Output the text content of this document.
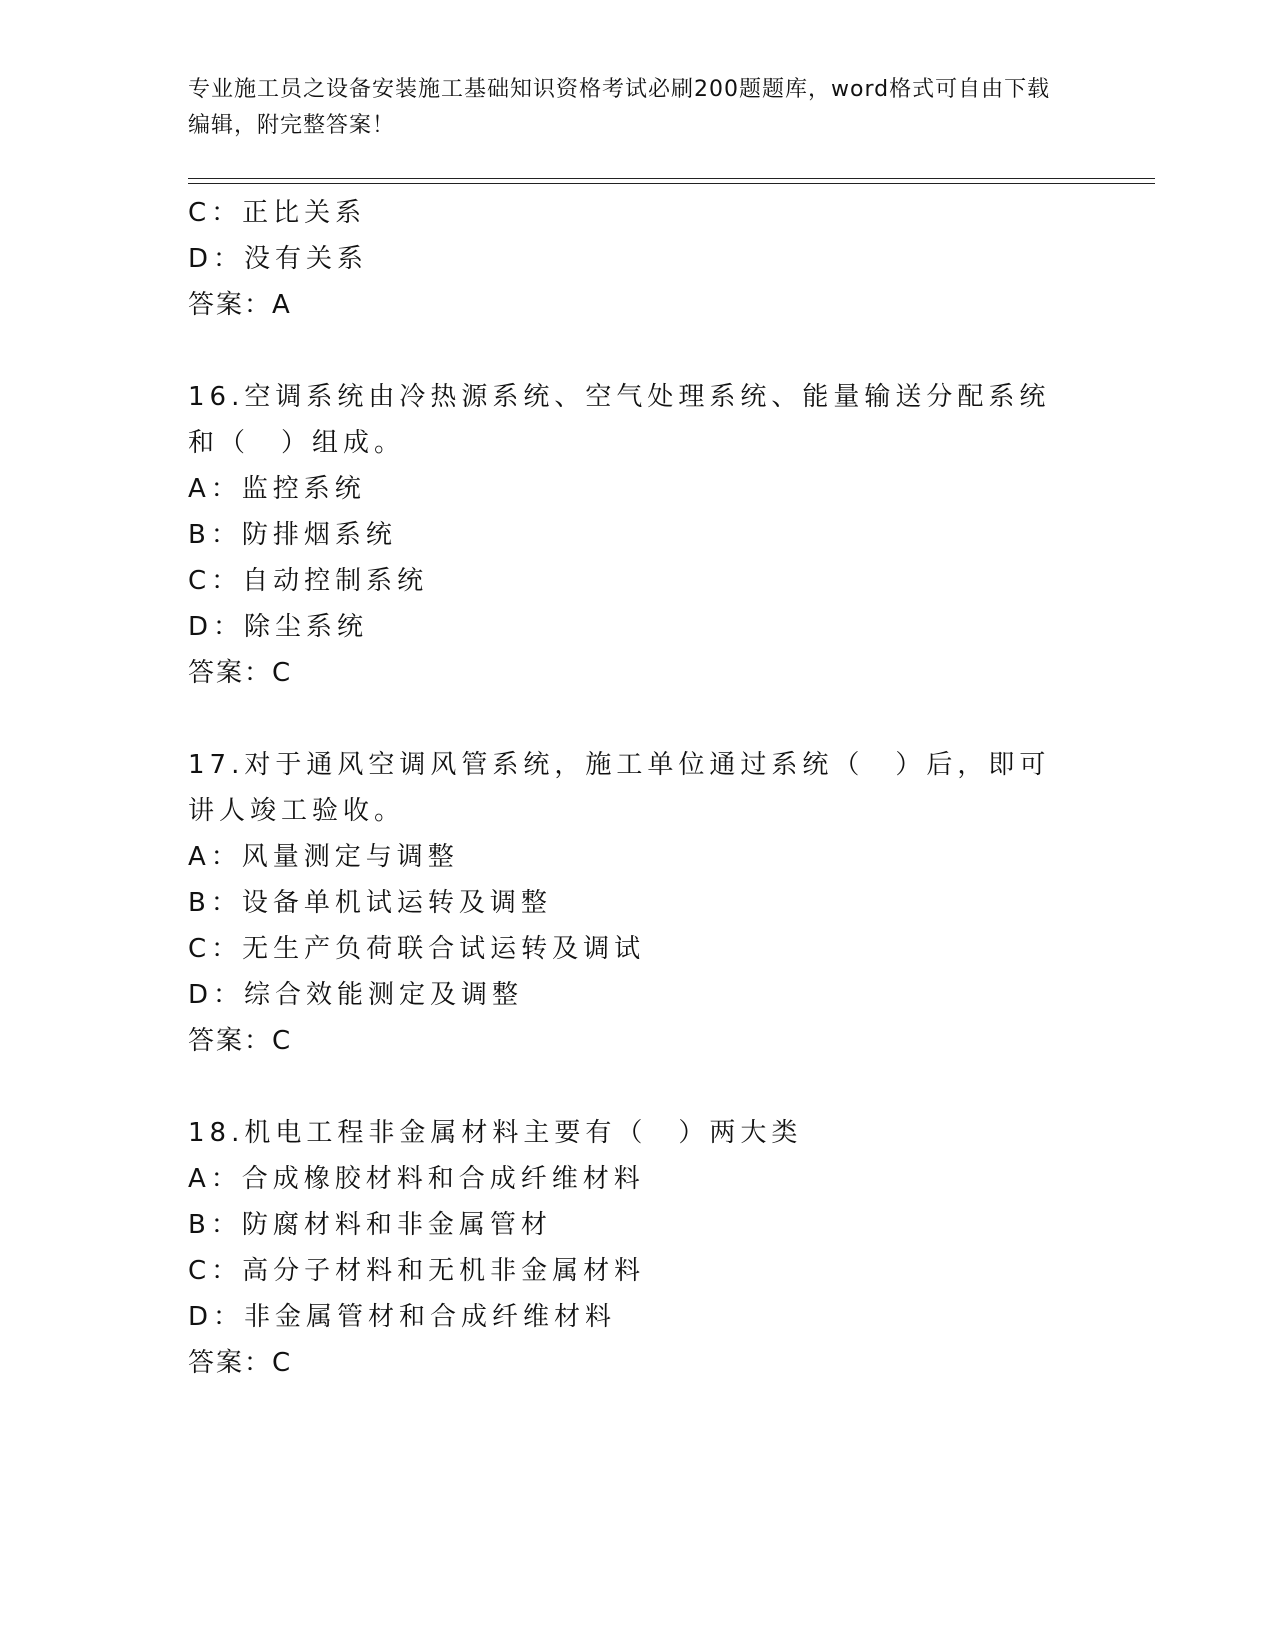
专业施工员之设备安装施工基础知识资格考试必刷200题题库，word格式可自由下载编辑，附完整答案！
C：正比关系
D：没有关系
答案：A
16.空调系统由冷热源系统、空气处理系统、能量输送分配系统和（　）组成。
A：监控系统
B：防排烟系统
C：自动控制系统
D：除尘系统
答案：C
17.对于通风空调风管系统，施工单位通过系统（　）后，即可讲人竣工验收。
A：风量测定与调整
B：设备单机试运转及调整
C：无生产负荷联合试运转及调试
D：综合效能测定及调整
答案：C
18.机电工程非金属材料主要有（　）两大类
A：合成橡胶材料和合成纤维材料
B：防腐材料和非金属管材
C：高分子材料和无机非金属材料
D：非金属管材和合成纤维材料
答案：C
